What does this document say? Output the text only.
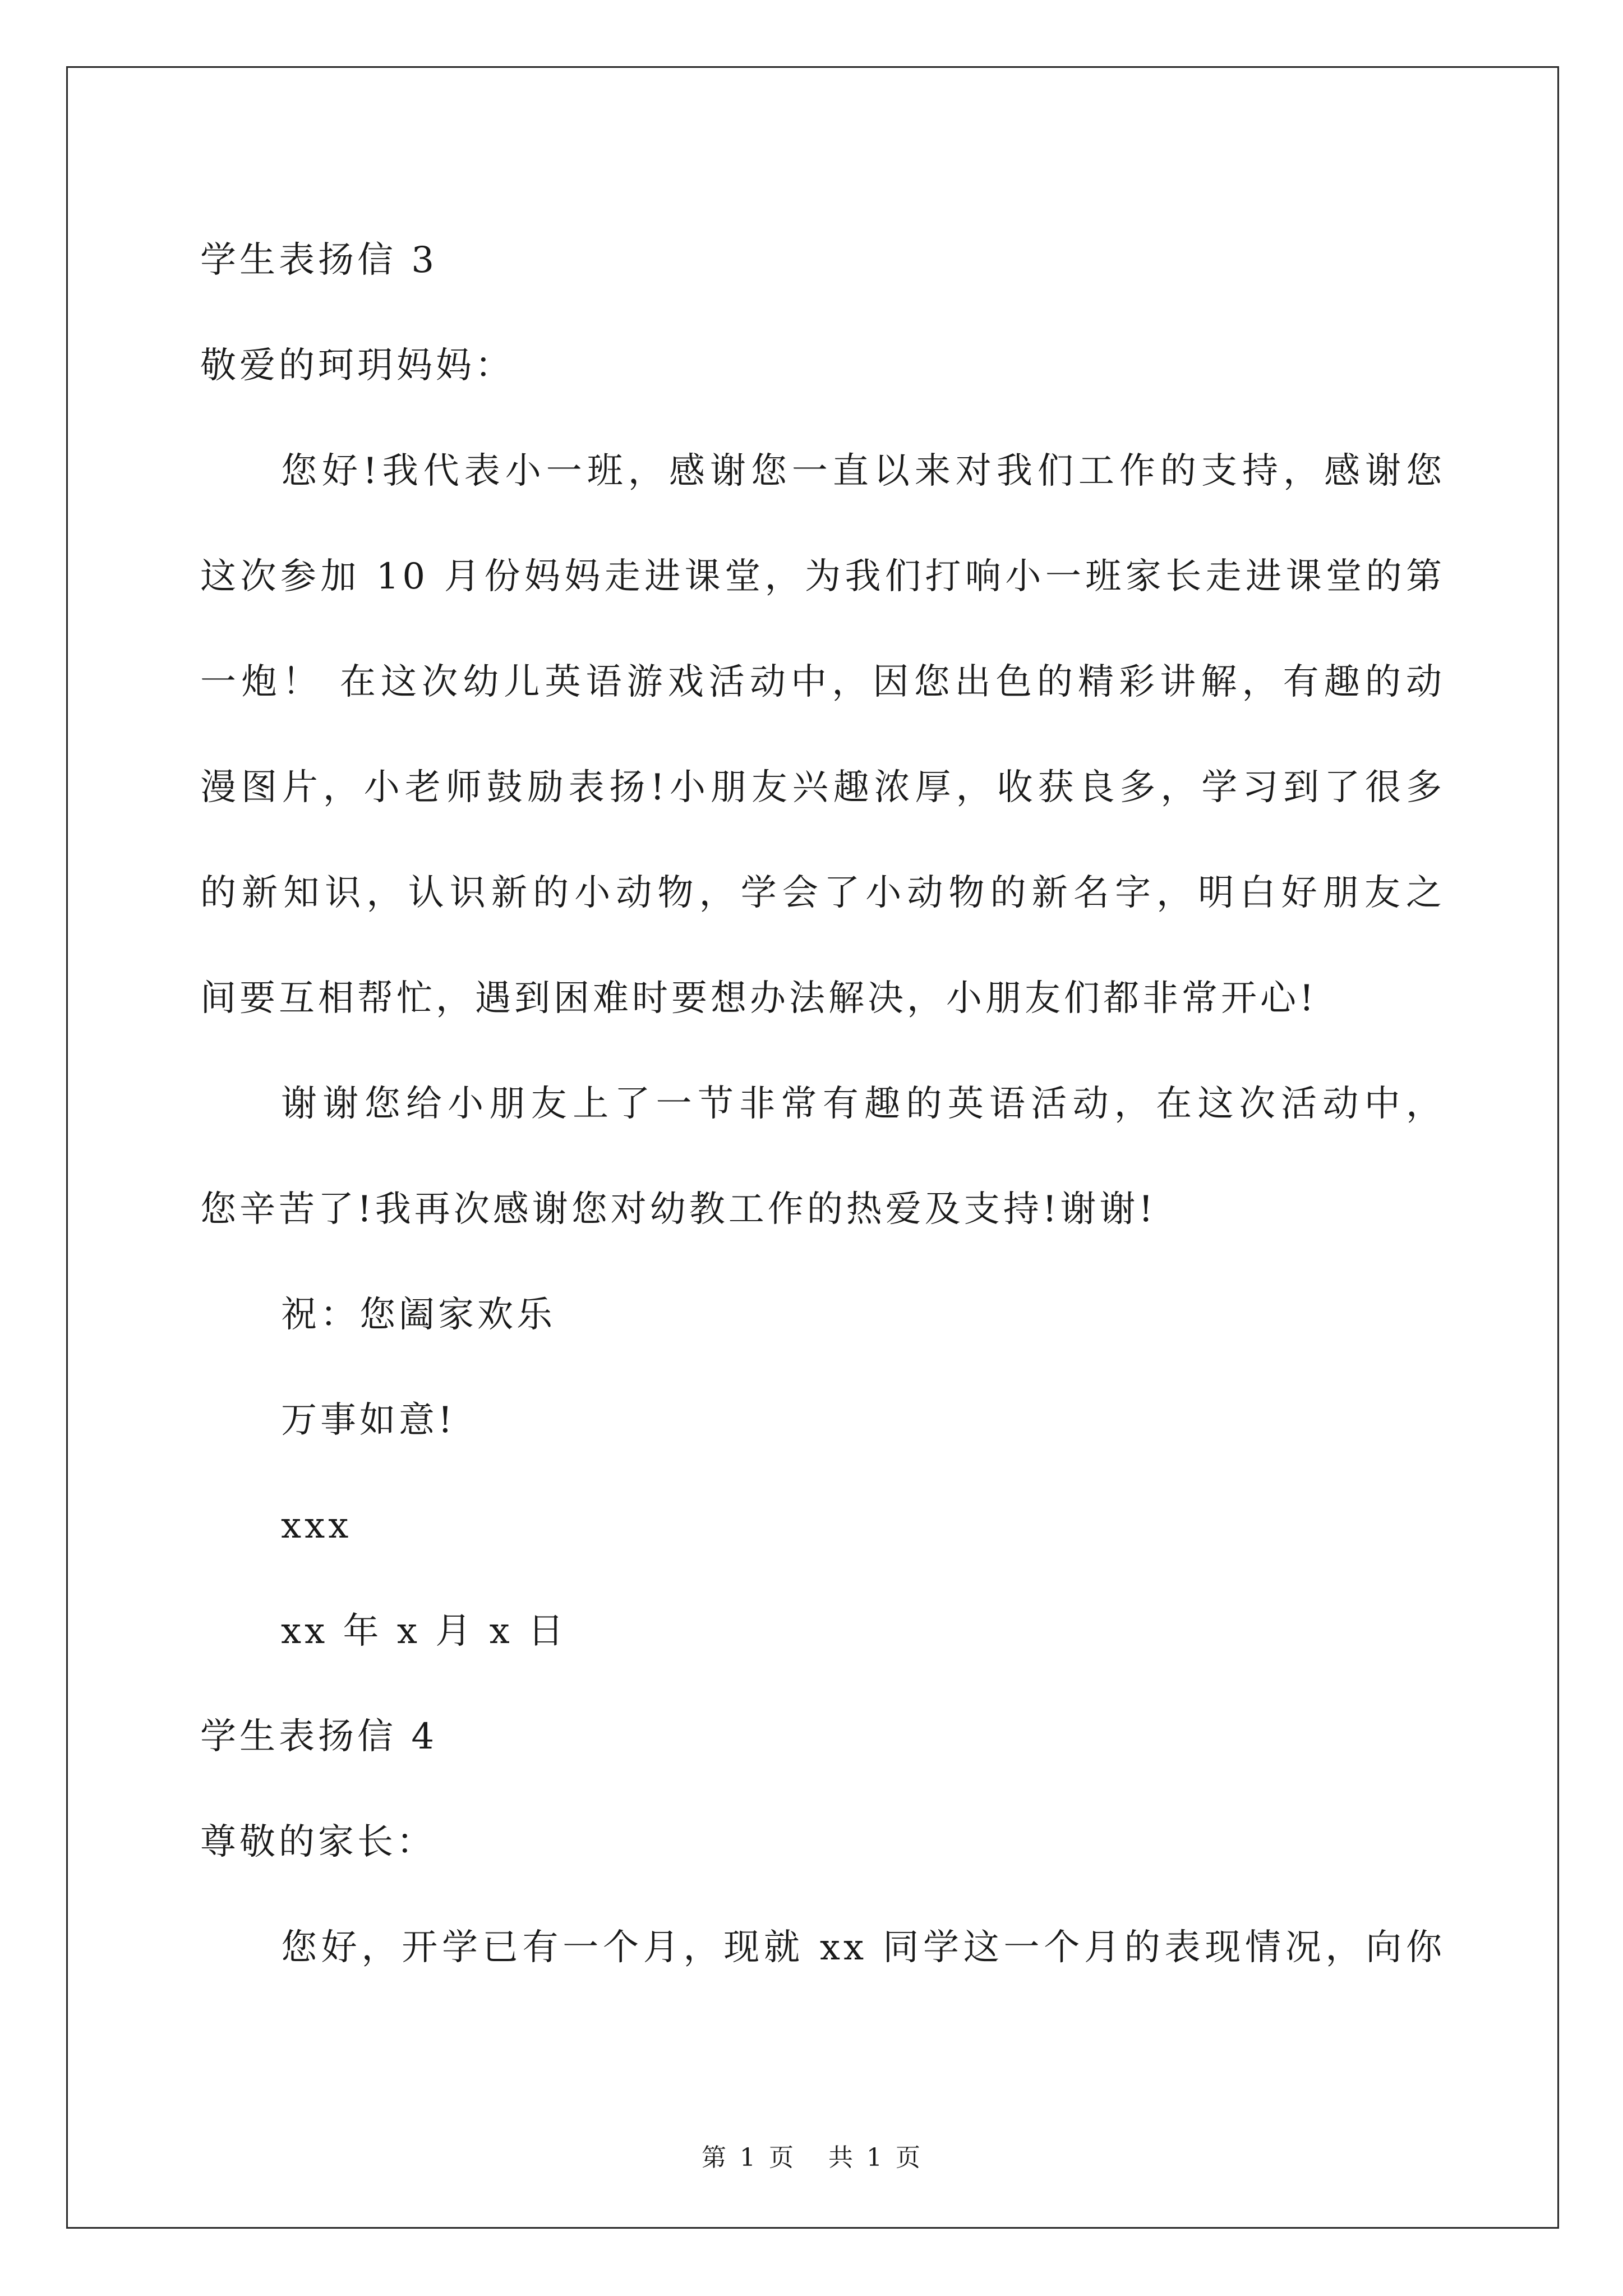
学生表扬信 3
敬爱的珂玥妈妈：
您好!我代表小一班，感谢您一直以来对我们工作的支持，感谢您
这次参加 10 月份妈妈走进课堂，为我们打响小一班家长走进课堂的第
一炮！ 在这次幼儿英语游戏活动中，因您出色的精彩讲解，有趣的动
漫图片，小老师鼓励表扬!小朋友兴趣浓厚，收获良多，学习到了很多
的新知识，认识新的小动物，学会了小动物的新名字，明白好朋友之
间要互相帮忙，遇到困难时要想办法解决，小朋友们都非常开心!
谢谢您给小朋友上了一节非常有趣的英语活动，在这次活动中，
您辛苦了!我再次感谢您对幼教工作的热爱及支持!谢谢!
祝：您阖家欢乐
万事如意!
xxx
xx 年 x 月 x 日
学生表扬信 4
尊敬的家长：
您好，开学已有一个月，现就 xx 同学这一个月的表现情况，向你
第 1 页 共 1 页
